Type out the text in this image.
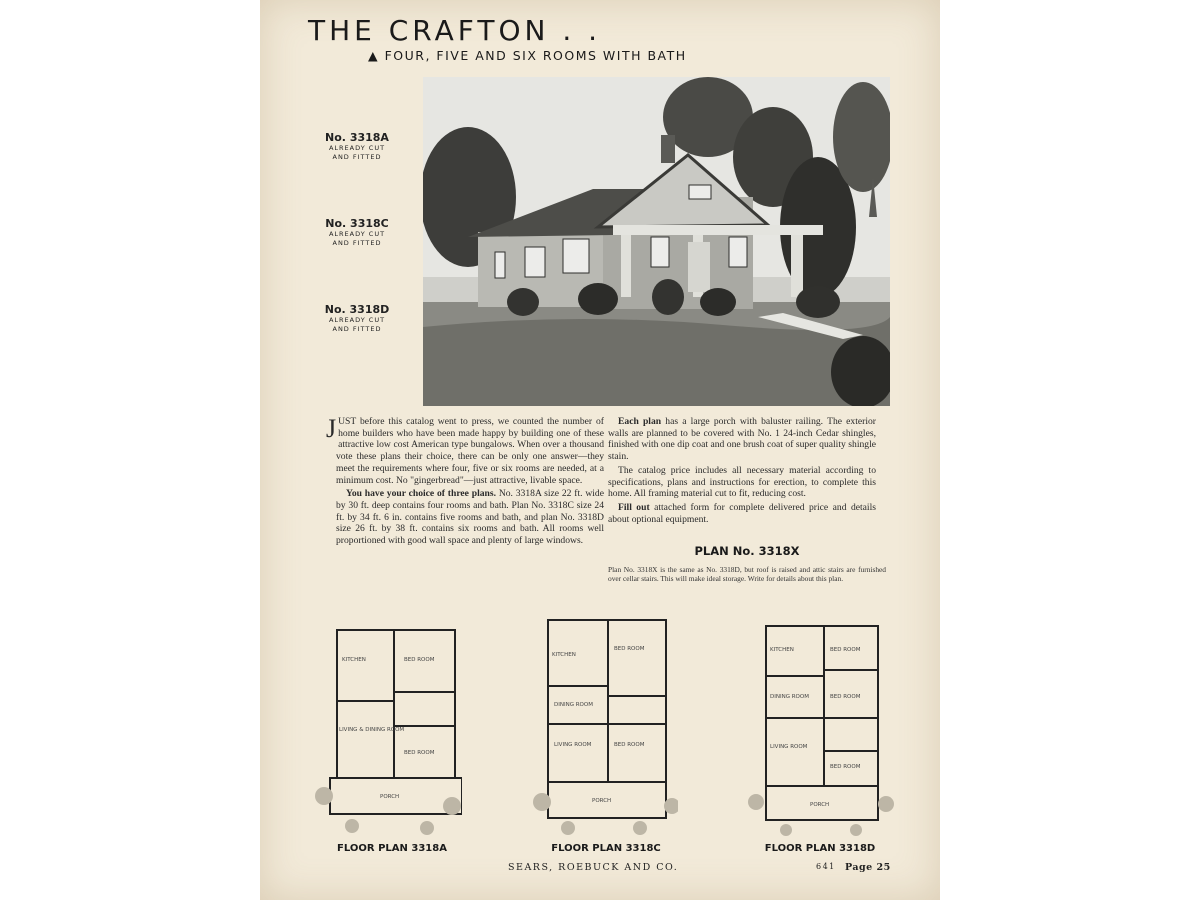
THE CRAFTON . .
▲ FOUR, FIVE AND SIX ROOMS WITH BATH
No. 3318A
ALREADY CUT
AND FITTED
No. 3318C
ALREADY CUT
AND FITTED
No. 3318D
ALREADY CUT
AND FITTED

JUST before this catalog went to press, we counted the number of home builders who have been made happy by building one of these attractive low cost American type bungalows. When over a thousand vote these plans their choice, there can be only one answer—they meet the requirements where four, five or six rooms are needed, at a minimum cost. No "gingerbread"—just attractive, livable space.

You have your choice of three plans. No. 3318A size 22 ft. wide by 30 ft. deep contains four rooms and bath. Plan No. 3318C size 24 ft. by 34 ft. 6 in. contains five rooms and bath, and plan No. 3318D size 26 ft. by 38 ft. contains six rooms and bath. All rooms well proportioned with good wall space and plenty of large windows.

Each plan has a large porch with baluster railing. The exterior walls are planned to be covered with No. 1 24-inch Cedar shingles, finished with one dip coat and one brush coat of super quality shingle stain.

The catalog price includes all necessary material according to specifications, plans and instructions for erection, to complete this home. All framing material cut to fit, reducing cost.

Fill out attached form for complete delivered price and details about optional equipment.

PLAN No. 3318X
Plan No. 3318X is the same as No. 3318D, but roof is raised and attic stairs are furnished over cellar stairs. This will make ideal storage. Write for details about this plan.
KITCHEN	BED ROOM
LIVING & DINING ROOM
BED ROOM
PORCH
KITCHEN
BED ROOM
DINING ROOM
LIVING ROOM	BED ROOM
PORCH
KITCHEN	BED ROOM
DINING ROOM	BED ROOM
LIVING ROOM
BED ROOM
PORCH
FLOOR PLAN 3318A	FLOOR PLAN 3318C	FLOOR PLAN 3318D
SEARS, ROEBUCK AND CO.	641 Page 25
